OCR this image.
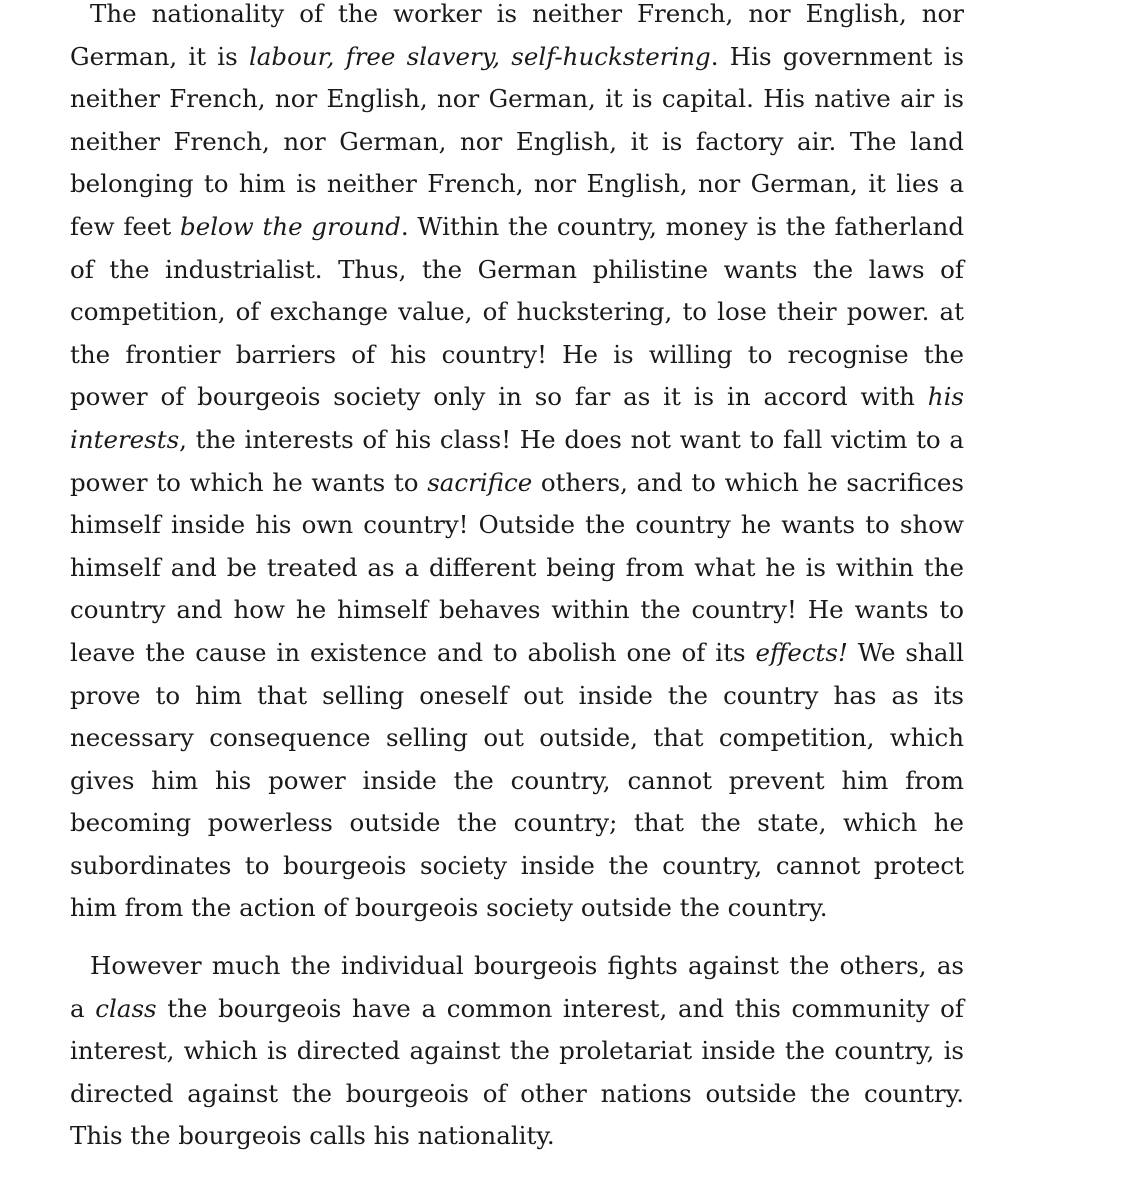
The nationality of the worker is neither French, nor English, nor German, it is labour, free slavery, self-huckstering. His government is neither French, nor English, nor German, it is capital. His native air is neither French, nor German, nor English, it is factory air. The land belonging to him is neither French, nor English, nor German, it lies a few feet below the ground. Within the country, money is the fatherland of the industrialist. Thus, the German philistine wants the laws of competition, of exchange value, of huckstering, to lose their power. at the frontier barriers of his country! He is willing to recognise the power of bourgeois society only in so far as it is in accord with his interests, the interests of his class! He does not want to fall victim to a power to which he wants to sacrifice others, and to which he sacrifices himself inside his own country! Outside the country he wants to show himself and be treated as a different being from what he is within the country and how he himself behaves within the country! He wants to leave the cause in existence and to abolish one of its effects! We shall prove to him that selling oneself out inside the country has as its necessary consequence selling out outside, that competition, which gives him his power inside the country, cannot prevent him from becoming powerless outside the country; that the state, which he subordinates to bourgeois society inside the country, cannot protect him from the action of bourgeois society outside the country.

However much the individual bourgeois fights against the others, as a class the bourgeois have a common interest, and this community of interest, which is directed against the proletariat inside the country, is directed against the bourgeois of other nations outside the country. This the bourgeois calls his nationality.
